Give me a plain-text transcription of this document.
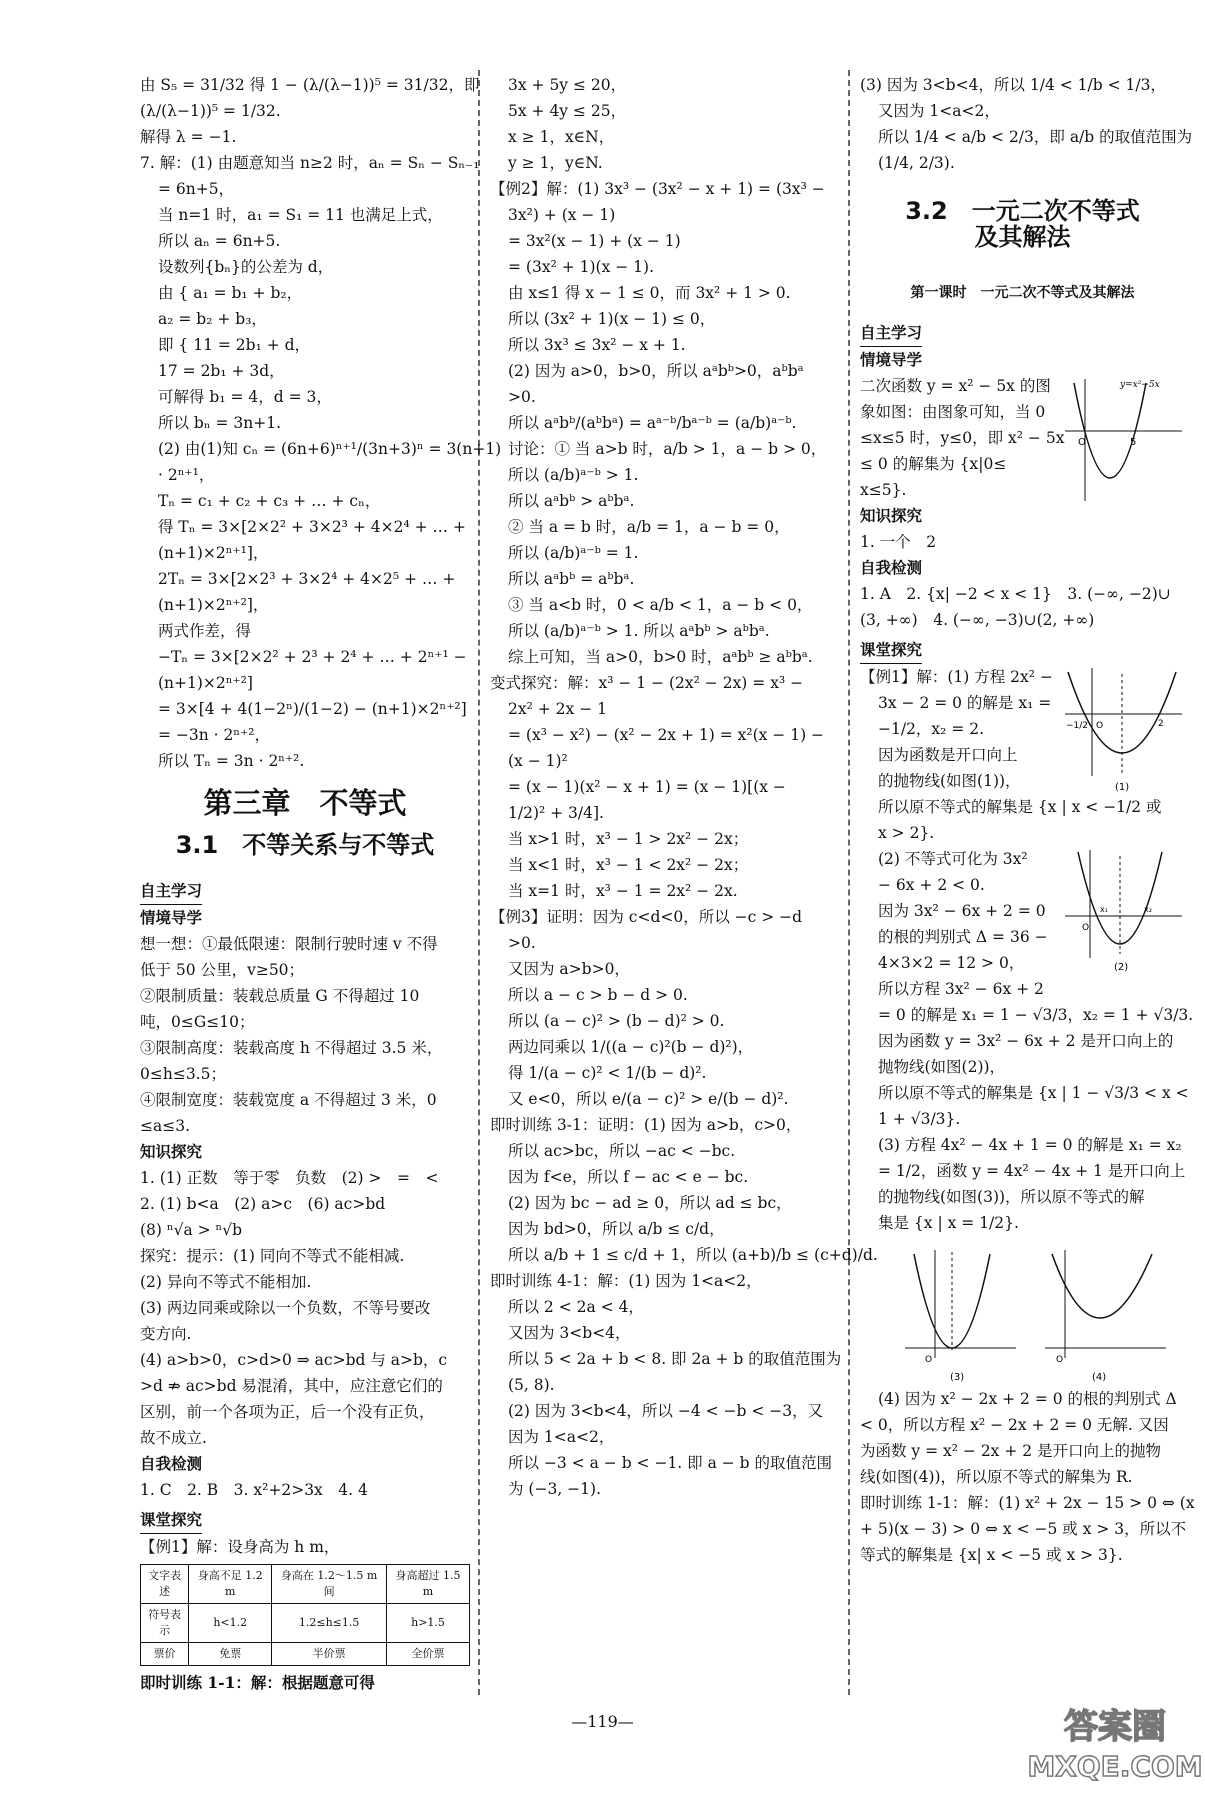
由 S₅ = 31/32 得 1 − (λ/(λ−1))⁵ = 31/32，即
(λ/(λ−1))⁵ = 1/32.
解得 λ = −1.
7. 解：(1) 由题意知当 n≥2 时，aₙ = Sₙ − Sₙ₋₁
= 6n+5，
当 n=1 时，a₁ = S₁ = 11 也满足上式，
所以 aₙ = 6n+5.
设数列{bₙ}的公差为 d，
由 { a₁ = b₁ + b₂，
a₂ = b₂ + b₃，
即 { 11 = 2b₁ + d，
17 = 2b₁ + 3d，
可解得 b₁ = 4，d = 3，
所以 bₙ = 3n+1.
(2) 由(1)知 cₙ = (6n+6)ⁿ⁺¹/(3n+3)ⁿ = 3(n+1)
· 2ⁿ⁺¹，
Tₙ = c₁ + c₂ + c₃ + … + cₙ，
得 Tₙ = 3×[2×2² + 3×2³ + 4×2⁴ + … +
(n+1)×2ⁿ⁺¹]，
2Tₙ = 3×[2×2³ + 3×2⁴ + 4×2⁵ + … +
(n+1)×2ⁿ⁺²]，
两式作差，得
−Tₙ = 3×[2×2² + 2³ + 2⁴ + … + 2ⁿ⁺¹ −
(n+1)×2ⁿ⁺²]
= 3×[4 + 4(1−2ⁿ)/(1−2) − (n+1)×2ⁿ⁺²]
= −3n · 2ⁿ⁺²，
所以 Tₙ = 3n · 2ⁿ⁺².
第三章　不等式
3.1　不等关系与不等式
自主学习
情境导学
想一想：①最低限速：限制行驶时速 v 不得
低于 50 公里，v≥50；
②限制质量：装载总质量 G 不得超过 10
吨，0≤G≤10；
③限制高度：装载高度 h 不得超过 3.5 米，
0≤h≤3.5；
④限制宽度：装载宽度 a 不得超过 3 米，0
≤a≤3.
知识探究
1. (1) 正数　等于零　负数　(2) >　=　<
2. (1) b<a　(2) a>c　(6) ac>bd
(8) ⁿ√a > ⁿ√b
探究：提示：(1) 同向不等式不能相减.
(2) 异向不等式不能相加.
(3) 两边同乘或除以一个负数，不等号要改
变方向.
(4) a>b>0，c>d>0 ⇒ ac>bd 与 a>b，c
>d ⇏ ac>bd 易混淆，其中，应注意它们的
区别，前一个各项为正，后一个没有正负，
故不成立.
自我检测
1. C　2. B　3. x²+2>3x　4. 4
课堂探究
【例1】解：设身高为 h m，
文字表述	身高不足 1.2 m	身高在 1.2～1.5 m 间	身高超过 1.5 m
符号表示	h<1.2	1.2≤h≤1.5	h>1.5
票价	免票	半价票	全价票
即时训练 1-1：解：根据题意可得
3x + 5y ≤ 20，
5x + 4y ≤ 25，
x ≥ 1，x∈N，
y ≥ 1，y∈N.
【例2】解：(1) 3x³ − (3x² − x + 1) = (3x³ −
3x²) + (x − 1)
= 3x²(x − 1) + (x − 1)
= (3x² + 1)(x − 1).
由 x≤1 得 x − 1 ≤ 0，而 3x² + 1 > 0.
所以 (3x² + 1)(x − 1) ≤ 0，
所以 3x³ ≤ 3x² − x + 1.
(2) 因为 a>0，b>0，所以 aᵃbᵇ>0，aᵇbᵃ
>0.
所以 aᵃbᵇ/(aᵇbᵃ) = aᵃ⁻ᵇ/bᵃ⁻ᵇ = (a/b)ᵃ⁻ᵇ.
讨论：① 当 a>b 时，a/b > 1，a − b > 0，
所以 (a/b)ᵃ⁻ᵇ > 1.
所以 aᵃbᵇ > aᵇbᵃ.
② 当 a = b 时，a/b = 1，a − b = 0，
所以 (a/b)ᵃ⁻ᵇ = 1.
所以 aᵃbᵇ = aᵇbᵃ.
③ 当 a<b 时，0 < a/b < 1，a − b < 0，
所以 (a/b)ᵃ⁻ᵇ > 1. 所以 aᵃbᵇ > aᵇbᵃ.
综上可知，当 a>0，b>0 时，aᵃbᵇ ≥ aᵇbᵃ.
变式探究：解：x³ − 1 − (2x² − 2x) = x³ −
2x² + 2x − 1
= (x³ − x²) − (x² − 2x + 1) = x²(x − 1) −
(x − 1)²
= (x − 1)(x² − x + 1) = (x − 1)[(x −
1/2)² + 3/4].
当 x>1 时，x³ − 1 > 2x² − 2x；
当 x<1 时，x³ − 1 < 2x² − 2x；
当 x=1 时，x³ − 1 = 2x² − 2x.
【例3】证明：因为 c<d<0，所以 −c > −d
>0.
又因为 a>b>0，
所以 a − c > b − d > 0.
所以 (a − c)² > (b − d)² > 0.
两边同乘以 1/((a − c)²(b − d)²)，
得 1/(a − c)² < 1/(b − d)².
又 e<0，所以 e/(a − c)² > e/(b − d)².
即时训练 3-1：证明：(1) 因为 a>b，c>0，
所以 ac>bc，所以 −ac < −bc.
因为 f<e，所以 f − ac < e − bc.
(2) 因为 bc − ad ≥ 0，所以 ad ≤ bc，
因为 bd>0，所以 a/b ≤ c/d，
所以 a/b + 1 ≤ c/d + 1，所以 (a+b)/b ≤ (c+d)/d.
即时训练 4-1：解：(1) 因为 1<a<2，
所以 2 < 2a < 4，
又因为 3<b<4，
所以 5 < 2a + b < 8. 即 2a + b 的取值范围为
(5, 8).
(2) 因为 3<b<4，所以 −4 < −b < −3，又
因为 1<a<2，
所以 −3 < a − b < −1. 即 a − b 的取值范围
为 (−3, −1).
(3) 因为 3<b<4，所以 1/4 < 1/b < 1/3，
又因为 1<a<2，
所以 1/4 < a/b < 2/3，即 a/b 的取值范围为
(1/4, 2/3).
3.2　一元二次不等式
及其解法
第一课时　一元二次不等式及其解法
自主学习
情境导学
二次函数 y = x² − 5x 的图
象如图：由图象可知，当 0
≤x≤5 时，y≤0，即 x² − 5x
≤ 0 的解集为 {x|0≤
x≤5}.
O	5
y=x²−5x
知识探究
1. 一个　2
自我检测
1. A　2. {x| −2 < x < 1}　3. (−∞, −2)∪
(3, +∞)　4. (−∞, −3)∪(2, +∞)
课堂探究
【例1】解：(1) 方程 2x² −
3x − 2 = 0 的解是 x₁ =
−1/2，x₂ = 2.
因为函数是开口向上
的抛物线(如图(1))，
−1/2 O	2
(1)
所以原不等式的解集是 {x | x < −1/2 或
x > 2}.
(2) 不等式可化为 3x²
− 6x + 2 < 0.
因为 3x² − 6x + 2 = 0
的根的判别式 Δ = 36 −
4×3×2 = 12 > 0，
所以方程 3x² − 6x + 2
O
x₁	x₂
(2)
= 0 的解是 x₁ = 1 − √3/3，x₂ = 1 + √3/3.
因为函数 y = 3x² − 6x + 2 是开口向上的
抛物线(如图(2))，
所以原不等式的解集是 {x | 1 − √3/3 < x <
1 + √3/3}.
(3) 方程 4x² − 4x + 1 = 0 的解是 x₁ = x₂
= 1/2，函数 y = 4x² − 4x + 1 是开口向上
的抛物线(如图(3))，所以原不等式的解
集是 {x | x = 1/2}.
O
(3)
O
(4)
(4) 因为 x² − 2x + 2 = 0 的根的判别式 Δ
< 0，所以方程 x² − 2x + 2 = 0 无解. 又因
为函数 y = x² − 2x + 2 是开口向上的抛物
线(如图(4))，所以原不等式的解集为 R.
即时训练 1-1：解：(1) x² + 2x − 15 > 0 ⇔ (x
+ 5)(x − 3) > 0 ⇔ x < −5 或 x > 3，所以不
等式的解集是 {x| x < −5 或 x > 3}.
—119—	答案圈
MXQE.COM
